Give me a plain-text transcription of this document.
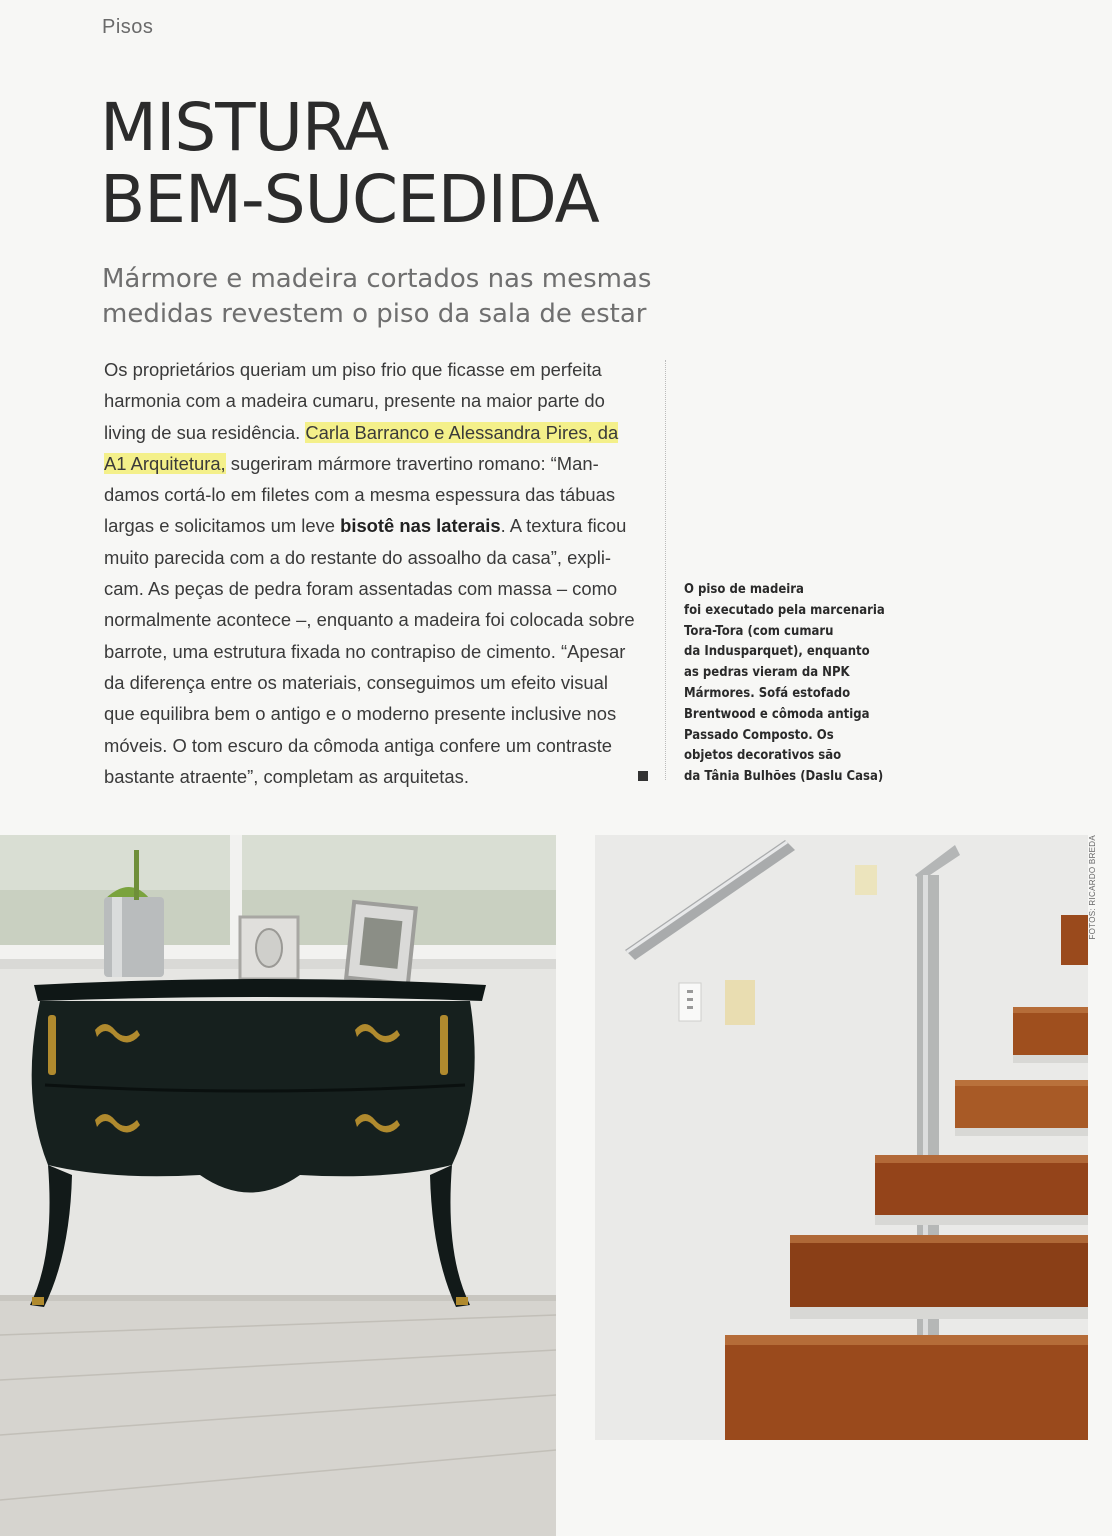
Pisos
MISTURA
BEM-SUCEDIDA
Mármore e madeira cortados nas mesmas
medidas revestem o piso da sala de estar
Os proprietários queriam um piso frio que ficasse em perfeita
harmonia com a madeira cumaru, presente na maior parte do
living de sua residência. Carla Barranco e Alessandra Pires, da
A1 Arquitetura, sugeriram mármore travertino romano: “Man-
damos cortá-lo em filetes com a mesma espessura das tábuas
largas e solicitamos um leve bisotê nas laterais. A textura ficou
muito parecida com a do restante do assoalho da casa”, expli-
cam. As peças de pedra foram assentadas com massa – como
normalmente acontece –, enquanto a madeira foi colocada sobre
barrote, uma estrutura fixada no contrapiso de cimento. “Apesar
da diferença entre os materiais, conseguimos um efeito visual
que equilibra bem o antigo e o moderno presente inclusive nos
móveis. O tom escuro da cômoda antiga confere um contraste
bastante atraente”, completam as arquitetas.
O piso de madeira
foi executado pela marcenaria
Tora-Tora (com cumaru
da Indusparquet), enquanto
as pedras vieram da NPK
Mármores. Sofá estofado
Brentwood e cômoda antiga
Passado Composto. Os
objetos decorativos são
da Tânia Bulhões (Daslu Casa)
FOTOS: RICARDO BREDA
